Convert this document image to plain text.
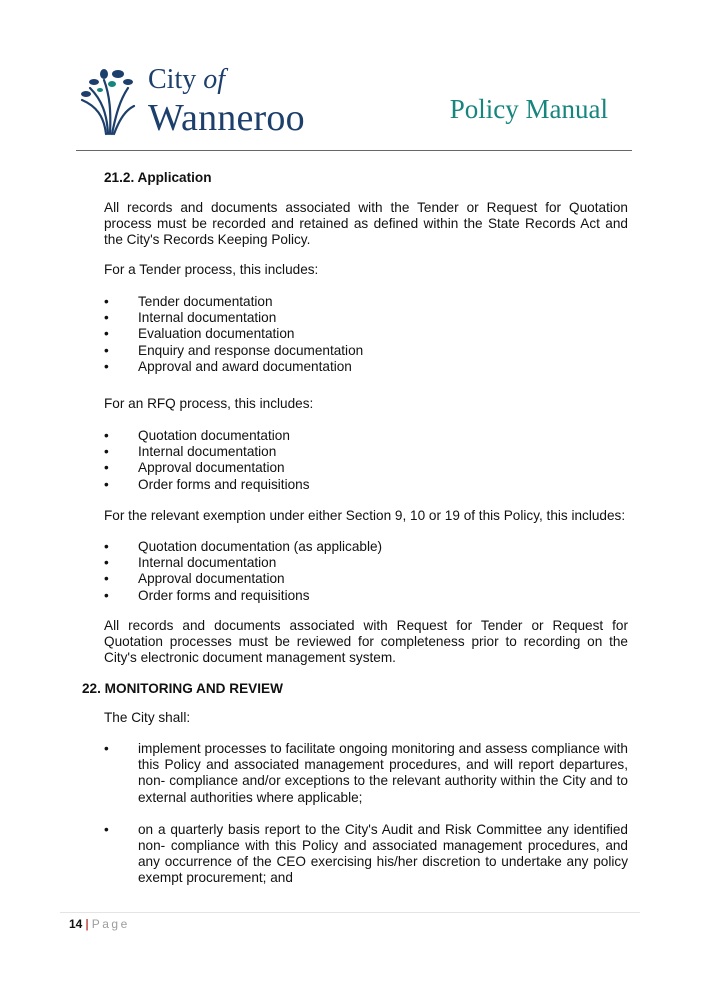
City of
Wanneroo	Policy Manual
21.2. Application
All records and documents associated with the Tender or Request for Quotation process must be recorded and retained as defined within the State Records Act and the City's Records Keeping Policy.
For a Tender process, this includes:
•	Tender documentation
•	Internal documentation
•	Evaluation documentation
•	Enquiry and response documentation
•	Approval and award documentation
For an RFQ process, this includes:
•	Quotation documentation
•	Internal documentation
•	Approval documentation
•	Order forms and requisitions
For the relevant exemption under either Section 9, 10 or 19 of this Policy, this includes:
•	Quotation documentation (as applicable)
•	Internal documentation
•	Approval documentation
•	Order forms and requisitions
All records and documents associated with Request for Tender or Request for Quotation processes must be reviewed for completeness prior to recording on the City's electronic document management system.
22. MONITORING AND REVIEW
The City shall:
•	implement processes to facilitate ongoing monitoring and assess compliance with this Policy and associated management procedures, and will report departures, non- compliance and/or exceptions to the relevant authority within the City and to external authorities where applicable;
•	on a quarterly basis report to the City's Audit and Risk Committee any identified non- compliance with this Policy and associated management procedures, and any occurrence of the CEO exercising his/her discretion to undertake any policy exempt procurement; and
14 | Page
